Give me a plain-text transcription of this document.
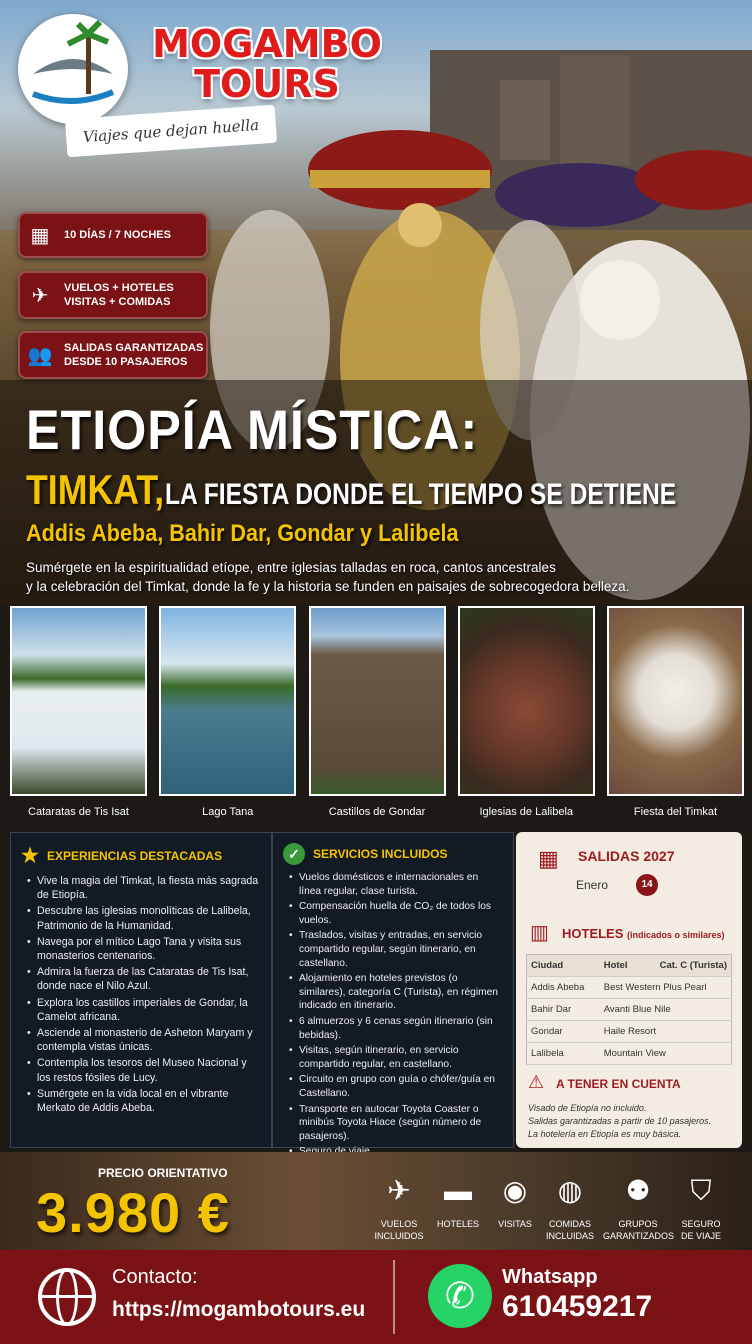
MOGAMBO
TOURS
Viajes que dejan huella
▦	10 DÍAS / 7 NOCHES
✈	VUELOS + HOTELES
VISITAS + COMIDAS
👥	SALIDAS GARANTIZADAS
DESDE 10 PASAJEROS
ETIOPÍA MÍSTICA:
TIMKAT, LA FIESTA DONDE EL TIEMPO SE DETIENE
Addis Abeba, Bahir Dar, Gondar y Lalibela
Sumérgete en la espiritualidad etíope, entre iglesias talladas en roca, cantos ancestrales
y la celebración del Timkat, donde la fe y la historia se funden en paisajes de sobrecogedora belleza.
Cataratas de Tis Isat	Lago Tana	Castillos de Gondar	Iglesias de Lalibela	Fiesta del Timkat
★ EXPERIENCIAS DESTACADAS
• Vive la magia del Timkat, la fiesta más sagrada de Etiopía.
• Descubre las iglesias monolíticas de Lalibela, Patrimonio de la Humanidad.
• Navega por el mítico Lago Tana y visita sus monasterios centenarios.
• Admira la fuerza de las Cataratas de Tis Isat, donde nace el Nilo Azul.
• Explora los castillos imperiales de Gondar, la Camelot africana.
• Asciende al monasterio de Asheton Maryam y contempla vistas únicas.
• Contempla los tesoros del Museo Nacional y los restos fósiles de Lucy.
• Sumérgete en la vida local en el vibrante Merkato de Addis Abeba.
✓	SERVICIOS INCLUIDOS
• Vuelos domésticos e internacionales en línea regular, clase turista.
• Compensación huella de CO₂ de todos los vuelos.
• Traslados, visitas y entradas, en servicio compartido regular, según itinerario, en castellano.
• Alojamiento en hoteles previstos (o similares), categoría C (Turista), en régimen indicado en itinerario.
• 6 almuerzos y 6 cenas según itinerario (sin bebidas).
• Visitas, según itinerario, en servicio compartido regular, en castellano.
• Circuito en grupo con guía o chófer/guía en Castellano.
• Transporte en autocar Toyota Coaster o minibús Toyota Hiace (según número de pasajeros).
•
•
▦ SALIDAS 2027
Enero	14
▥ HOTELES (indicados o similares)
Ciudad	Hotel	Cat. C (Turista)
Addis Abeba	Best Western Plus Pearl	
Bahir Dar	Avanti Blue Nile	
Gondar	Haile Resort	
Lalibela	Mountain View	
⚠ A TENER EN CUENTA
Visado de Etiopía no incluido.
Salidas garantizadas a partir de 10 pasajeros.
La hotelería en Etiopía es muy básica.
PRECIO ORIENTATIVO
3.980 €	✈
VUELOS
INCLUIDOS
▬
HOTELES
◉
VISITAS
◍
COMIDAS
INCLUIDAS
⚉
GRUPOS
GARANTIZADOS
⛉
SEGURO
DE VIAJE
Contacto:
https://mogambotours.eu	✆	Whatsapp
610459217
